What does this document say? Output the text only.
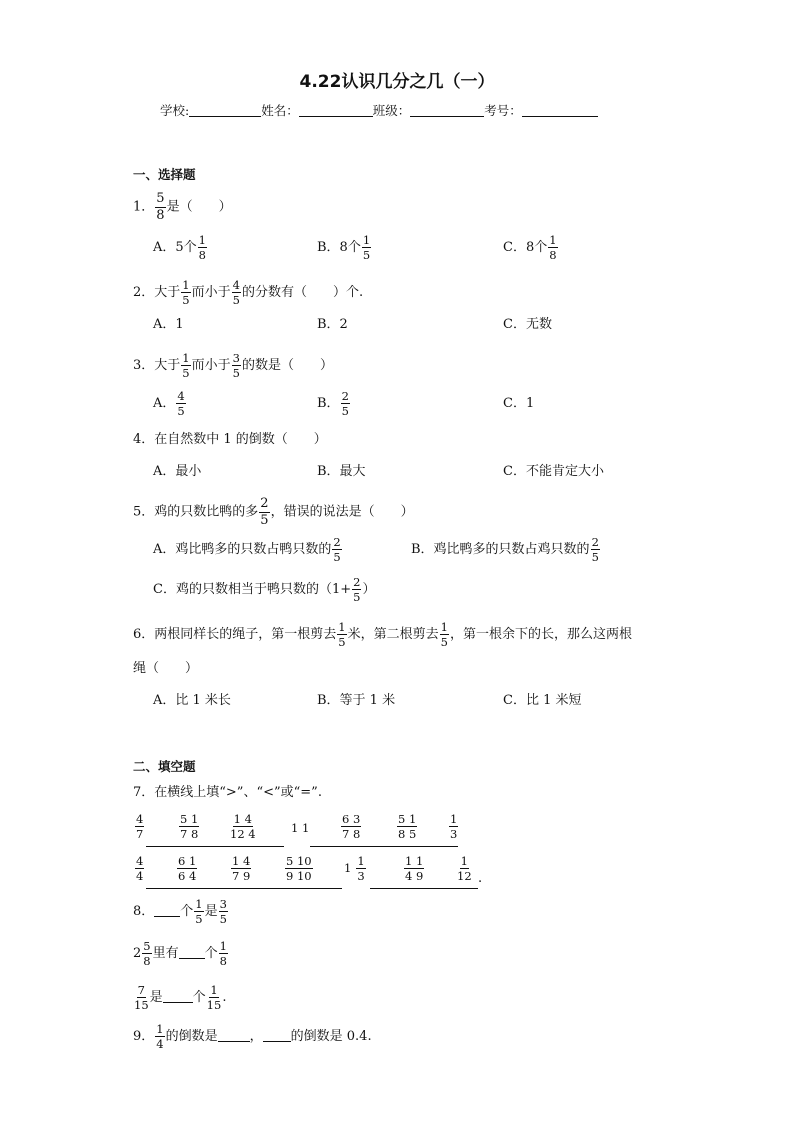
4.22认识几分之几（一）
学校:	姓名：	班级：	考号：
一、选择题
1． $\frac{5}{8}$ 是（　　）
A．5个 $\frac{1}{8}$	B．8个 $\frac{1}{5}$	C．8个 $\frac{1}{8}$
2．大于 $\frac{1}{5}$ 而小于 $\frac{4}{5}$ 的分数有（　　）个.
A．1	B．2	C．无数
3．大于 $\frac{1}{5}$ 而小于 $\frac{3}{5}$ 的数是（　　）
A． $\frac{4}{5}$	B． $\frac{2}{5}$	C．1
4．在自然数中 1 的倒数（　　）
A．最小	B．最大	C．不能肯定大小
5．鸡的只数比鸭的多 $\frac{2}{5}$ ，错误的说法是（　　）
A．鸡比鸭多的只数占鸭只数的 $\frac{2}{5}$	B．鸡比鸭多的只数占鸡只数的 $\frac{2}{5}$
C．鸡的只数相当于鸭只数的（$1+ \frac{2}{5}$ ）
6．两根同样长的绳子，第一根剪去 $\frac{1}{5}$ 米，第二根剪去 $\frac{1}{5}$ ，第一根余下的长，那么这两根
绳（　　）
A．比 1 米长	B．等于 1 米	C．比 1 米短
二、填空题
7．在横线上填“>”、“<”或“=”.
$\frac{4}{7}$	$\frac{5 1}{7 8}$	$\frac{1 4}{12 4}$	1 1	$\frac{6 3}{7 8}$	$\frac{5 1}{8 5}$	$\frac{1}{3}$
$\frac{4}{4}$	$\frac{6 1}{6 4}$	$\frac{1 4}{7 9}$	$\frac{5 10}{9 10}$	$1 \frac{1}{3}$	$\frac{1 1}{4 9}$	$\frac{1}{12}$ .
8． 个 $\frac{1}{5}$ 是 $\frac{3}{5}$
$2 \frac{5}{8}$ 里有 个 $\frac{1}{8}$
$\frac{7}{15}$ 是 个 $\frac{1}{15}$ .
9． $\frac{1}{4}$ 的倒数是 ， 的倒数是 0.4.
